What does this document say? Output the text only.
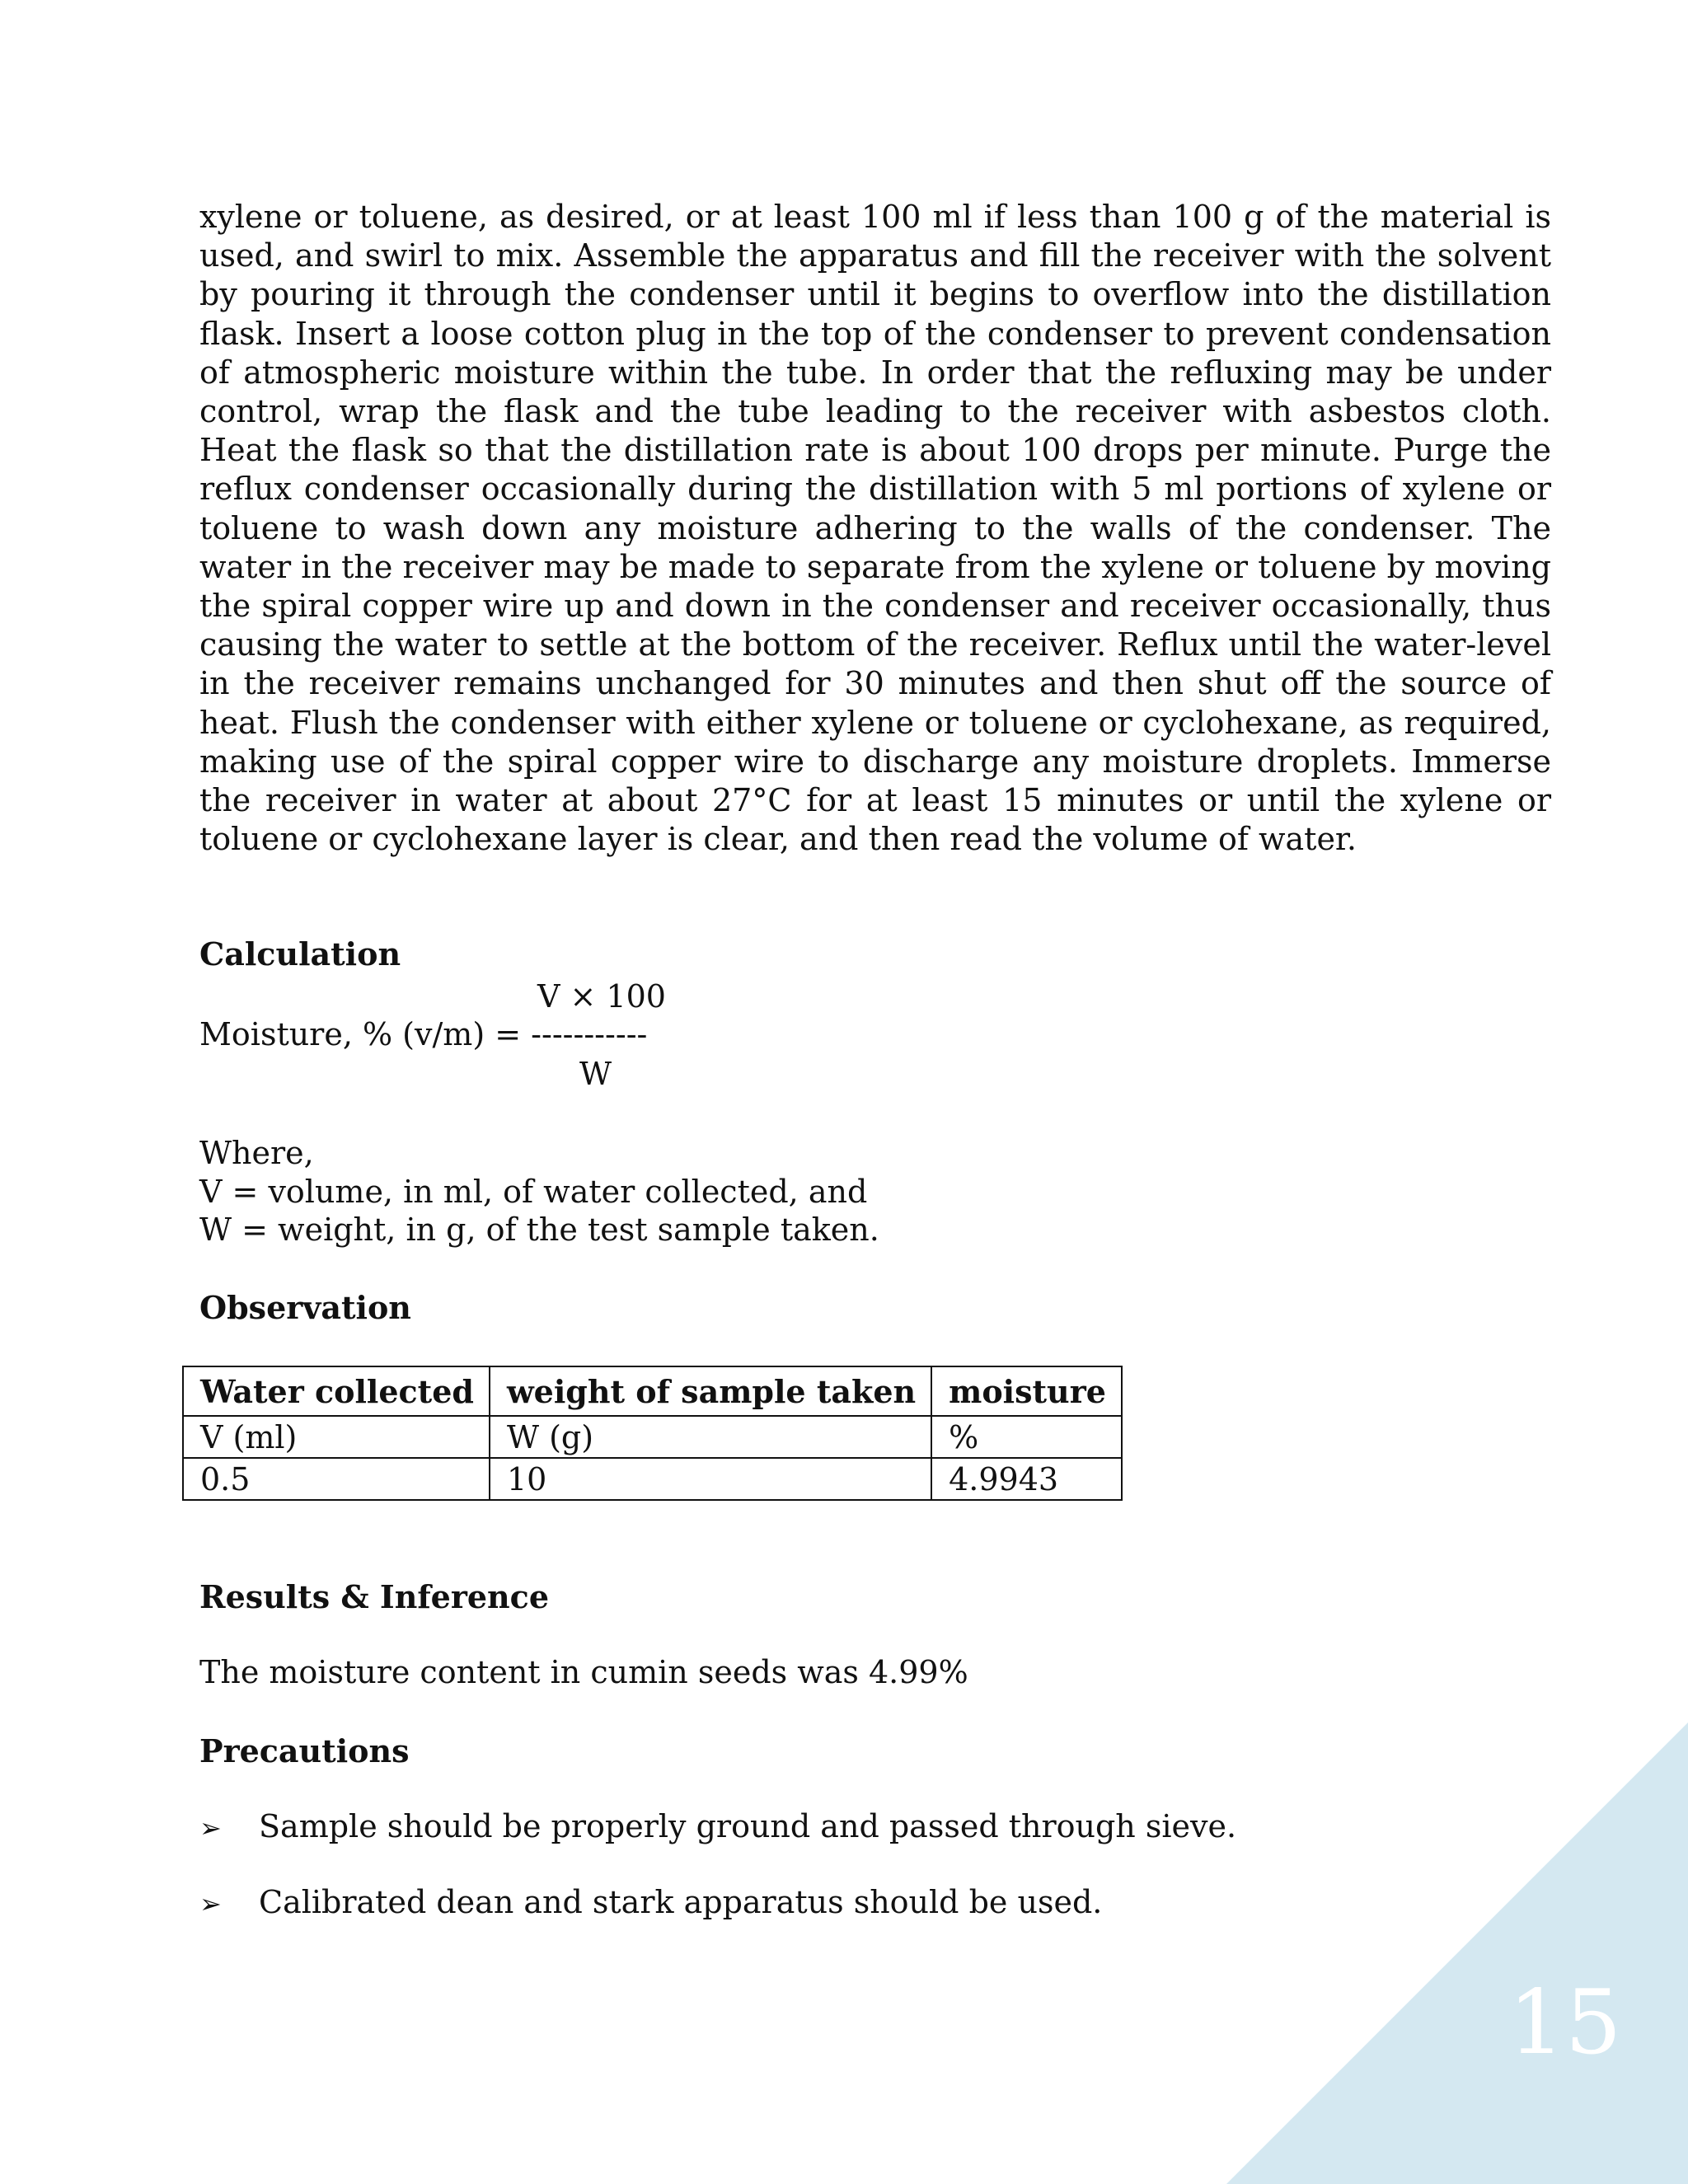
xylene or toluene, as desired, or at least 100 ml if less than 100 g of the material is used, and swirl to mix. Assemble the apparatus and fill the receiver with the solvent by pouring it through the condenser until it begins to overflow into the distillation flask. Insert a loose cotton plug in the top of the condenser to prevent condensation of atmospheric moisture within the tube. In order that the refluxing may be under control, wrap the flask and the tube leading to the receiver with asbestos cloth. Heat the flask so that the distillation rate is about 100 drops per minute. Purge the reflux condenser occasionally during the distillation with 5 ml portions of xylene or toluene to wash down any moisture adhering to the walls of the condenser. The water in the receiver may be made to separate from the xylene or toluene by moving the spiral copper wire up and down in the condenser and receiver occasionally, thus causing the water to settle at the bottom of the receiver. Reflux until the water-level in the receiver remains unchanged for 30 minutes and then shut off the source of heat. Flush the condenser with either xylene or toluene or cyclohexane, as required, making use of the spiral copper wire to discharge any moisture droplets. Immerse the receiver in water at about 27°C for at least 15 minutes or until the xylene or toluene or cyclohexane layer is clear, and then read the volume of water.

Calculation
V × 100
Moisture, % (v/m) = -----------
W
Where,
V = volume, in ml, of water collected, and
W = weight, in g, of the test sample taken.
Observation
Water collected	weight of sample taken	moisture
V (ml)	W (g)	%
0.5	10	4.9943
Results & Inference
The moisture content in cumin seeds was 4.99%
Precautions
➢ Sample should be properly ground and passed through sieve.
➢ Calibrated dean and stark apparatus should be used.
15
